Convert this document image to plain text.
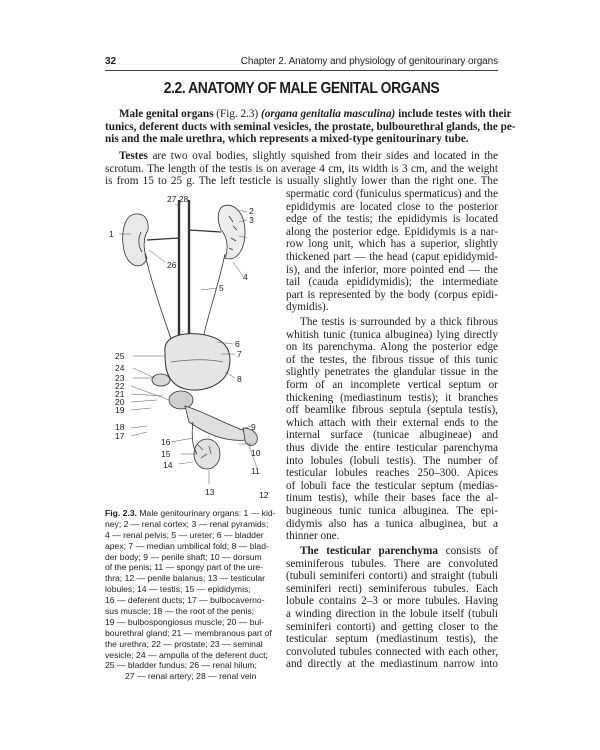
32	Chapter 2. Anatomy and physiology of genitourinary organs
2.2. ANATOMY OF MALE GENITAL ORGANS
Male genital organs (Fig. 2.3) (organa genitalia masculina) include testes with their
tunics, deferent ducts with seminal vesicles, the prostate, bulbourethral glands, the pe-
nis and the male urethra, which represents a mixed-type genitourinary tube.
Testes are two oval bodies, slightly squished from their sides and located in the
scrotum. The length of the testis is on average 4 cm, its width is 3 cm, and the weight
is from 15 to 25 g. The left testicle is usually slightly lower than the right one. The
spermatic cord (funiculus spermaticus) and the
epididymis are located close to the posterior
edge of the testis; the epididymis is located
along the posterior edge. Epididymis is a nar-
row long unit, which has a superior, slightly
thickened part — the head (caput epididymid-
is), and the inferior, more pointed end — the
tail (cauda epididymidis); the intermediate
part is represented by the body (corpus epidi-
dymidis).
The testis is surrounded by a thick fibrous
whitish tunic (tunica albuginea) lying directly
on its parenchyma. Along the posterior edge
of the testes, the fibrous tissue of this tunic
slightly penetrates the glandular tissue in the
form of an incomplete vertical septum or
thickening (mediastinum testis); it branches
off beamlike fibrous septula (septula testis),
which attach with their external ends to the
internal surface (tunicae albugineae) and
thus divide the entire testicular parenchyma
into lobules (lobuli testis). The number of
testicular lobules reaches 250–300. Apices
of lobuli face the testicular septum (medias-
tinum testis), while their bases face the al-
bugineous tunic tunica albuginea. The epi-
didymis also has a tunica albuginea, but a
thinner one.
The testicular parenchyma consists of
seminiferous tubules. There are convoluted
(tubuli seminiferi contorti) and straight (tubuli
seminiferi recti) seminiferous tubules. Each
lobule contains 2–3 or more tubules. Having
a winding direction in the lobule itself (tubuli
seminiferi contorti) and getting closer to the
testicular septum (mediastinum testis), the
convoluted tubules connected with each other,
and directly at the mediastinum narrow into
1
2
3
4
5
6
7
8
9
10
11
12
13
14
15
16
17
18
19
20
21
22
23
24
25
26
27 28
Fig. 2.3. Male genitourinary organs: 1 — kid-
ney; 2 — renal cortex; 3 — renal pyramids;
4 — renal pelvis; 5 — ureter; 6 — bladder
apex; 7 — median umbilical fold; 8 — blad-
der body; 9 — penile shaft; 10 — dorsum
of the penis; 11 — spongy part of the ure-
thra; 12 — penile balanus; 13 — testicular
lobules; 14 — testis; 15 — epididymis;
16 — deferent ducts; 17 — bulbocaverno-
sus muscle; 18 — the root of the penis;
19 — bulbospongiosus muscle; 20 — bul-
bourethral gland; 21 — membranous part of
the urethra; 22 — prostate; 23 — seminal
vesicle; 24 — ampulla of the deferent duct;
25 — bladder fundus; 26 — renal hilum;
27 — renal artery; 28 — renal vein
